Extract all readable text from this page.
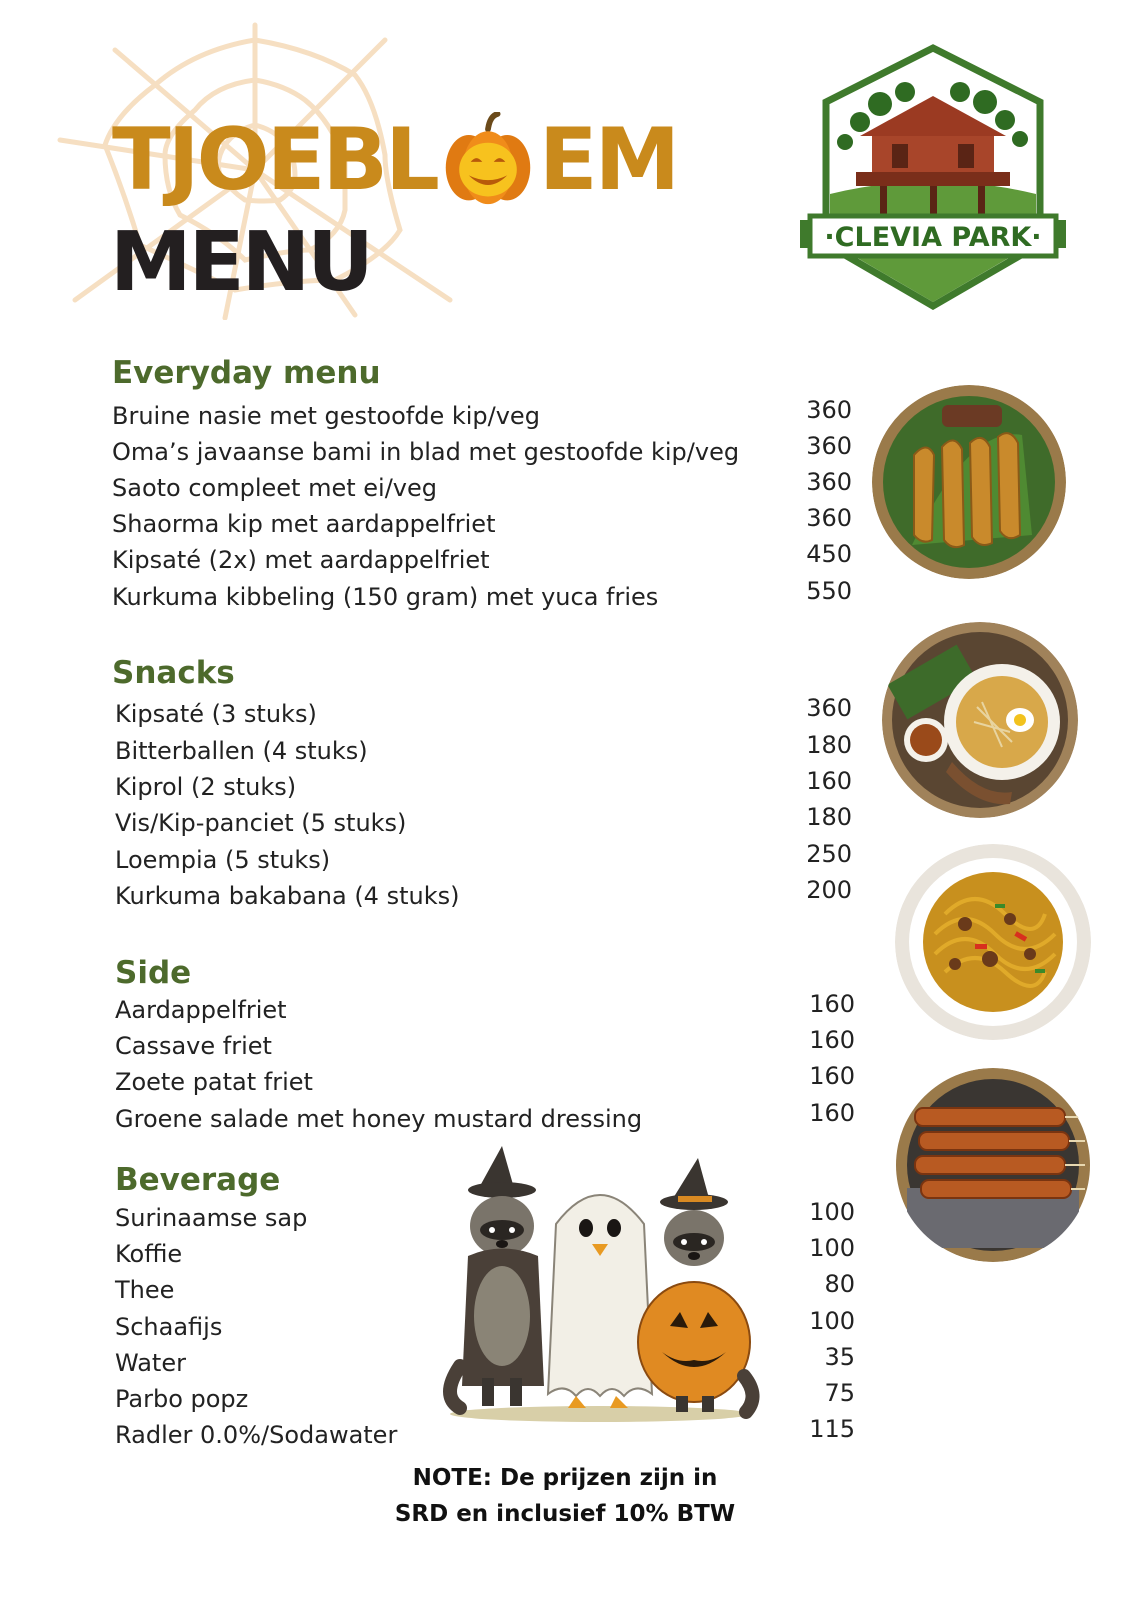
TJOEBL EM
MENU	·CLEVIA PARK·
Everyday menu
Bruine nasie met gestoofde kip/veg	360
Oma’s javaanse bami in blad met gestoofde kip/veg	360
Saoto compleet met ei/veg	360
Shaorma kip met aardappelfriet	360
Kipsaté (2x) met aardappelfriet	450
Kurkuma kibbeling (150 gram) met yuca fries	550
Snacks
Kipsaté (3 stuks)	360
Bitterballen (4 stuks)	180
Kiprol (2 stuks)	160
Vis/Kip-panciet (5 stuks)	180
Loempia (5 stuks)	250
Kurkuma bakabana (4 stuks)	200
Side
Aardappelfriet	160
Cassave friet	160
Zoete patat friet	160
Groene salade met honey mustard dressing	160
Beverage
Surinaamse sap	100
Koffie	100
Thee	80
Schaafijs	100
Water	35
Parbo popz	75
Radler 0.0%/Sodawater	115
NOTE: De prijzen zijn in
SRD en inclusief 10% BTW
